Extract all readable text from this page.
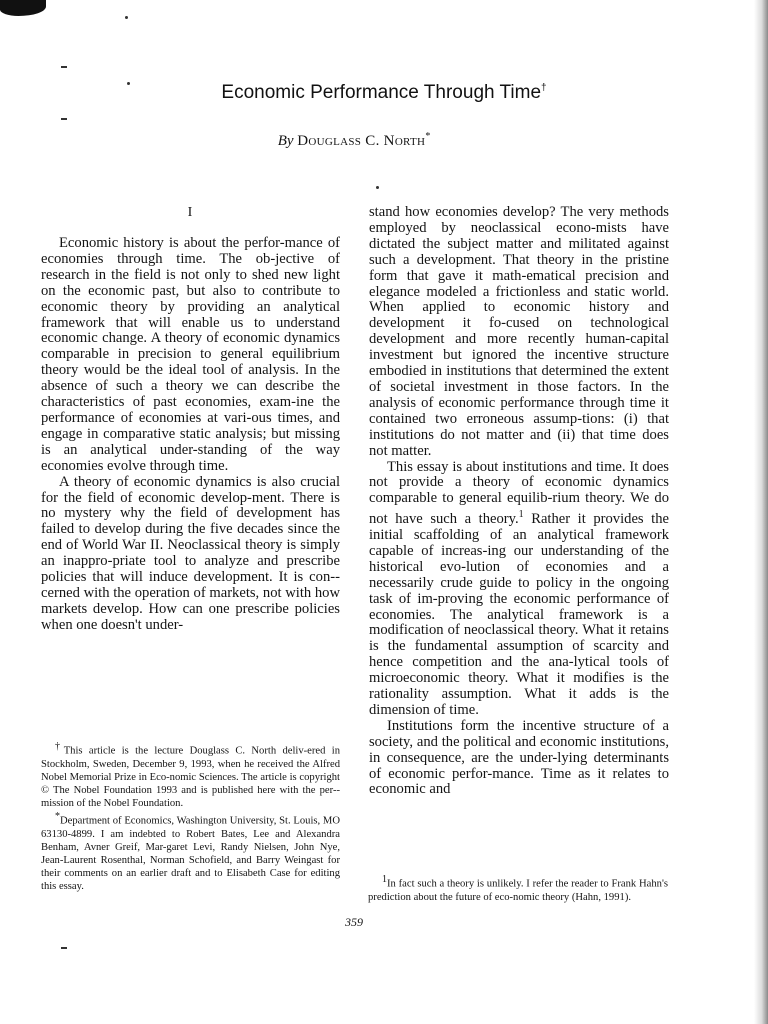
Economic Performance Through Time†
By Douglass C. North*
I

Economic history is about the perfor-mance of economies through time. The ob-jective of research in the field is not only to shed new light on the economic past, but also to contribute to economic theory by providing an analytical framework that will enable us to understand economic change. A theory of economic dynamics comparable in precision to general equilibrium theory would be the ideal tool of analysis. In the absence of such a theory we can describe the characteristics of past economies, exam-ine the performance of economies at vari-ous times, and engage in comparative static analysis; but missing is an analytical under-standing of the way economies evolve through time.

A theory of economic dynamics is also crucial for the field of economic develop-ment. There is no mystery why the field of development has failed to develop during the five decades since the end of World War II. Neoclassical theory is simply an inappro-priate tool to analyze and prescribe policies that will induce development. It is con-cerned with the operation of markets, not with how markets develop. How can one prescribe policies when one doesn't under-

stand how economies develop? The very methods employed by neoclassical econo-mists have dictated the subject matter and militated against such a development. That theory in the pristine form that gave it math-ematical precision and elegance modeled a frictionless and static world. When applied to economic history and development it fo-cused on technological development and more recently human-capital investment but ignored the incentive structure embodied in institutions that determined the extent of societal investment in those factors. In the analysis of economic performance through time it contained two erroneous assump-tions: (i) that institutions do not matter and (ii) that time does not matter.

This essay is about institutions and time. It does not provide a theory of economic dynamics comparable to general equilib-rium theory. We do not have such a theory.$^1$ Rather it provides the initial scaffolding of an analytical framework capable of increas-ing our understanding of the historical evo-lution of economies and a necessarily crude guide to policy in the ongoing task of im-proving the economic performance of economies. The analytical framework is a modification of neoclassical theory. What it retains is the fundamental assumption of scarcity and hence competition and the ana-lytical tools of microeconomic theory. What it modifies is the rationality assumption. What it adds is the dimension of time.

Institutions form the incentive structure of a society, and the political and economic institutions, in consequence, are the under-lying determinants of economic perfor-mance. Time as it relates to economic and

†This article is the lecture Douglass C. North deliv-ered in Stockholm, Sweden, December 9, 1993, when he received the Alfred Nobel Memorial Prize in Eco-nomic Sciences. The article is copyright © The Nobel Foundation 1993 and is published here with the per-mission of the Nobel Foundation.

*Department of Economics, Washington University, St. Louis, MO 63130-4899. I am indebted to Robert Bates, Lee and Alexandra Benham, Avner Greif, Mar-garet Levi, Randy Nielsen, John Nye, Jean-Laurent Rosenthal, Norman Schofield, and Barry Weingast for their comments on an earlier draft and to Elisabeth Case for editing this essay.

$^1$In fact such a theory is unlikely. I refer the reader to Frank Hahn's prediction about the future of eco-nomic theory (Hahn, 1991).

359
